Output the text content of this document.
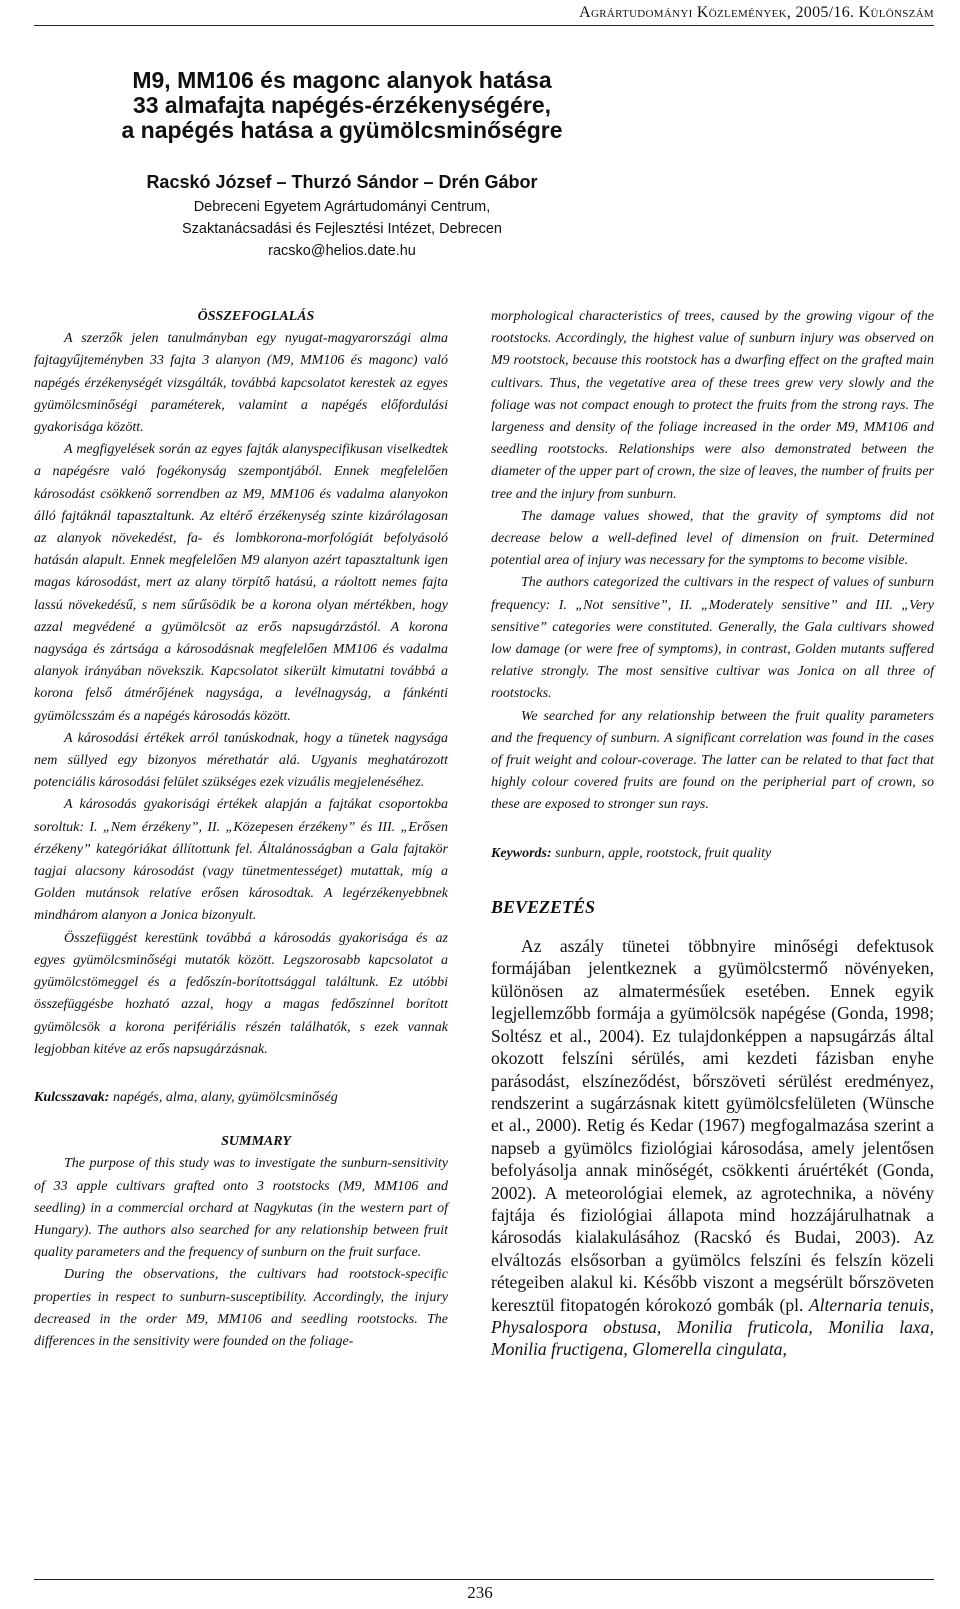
Agrártudományi Közlemények, 2005/16. Különszám
M9, MM106 és magonc alanyok hatása
33 almafajta napégés-érzékenységére,
a napégés hatása a gyümölcsminőségre

Racskó József – Thurzó Sándor – Drén Gábor

Debreceni Egyetem Agrártudományi Centrum,
Szaktanácsadási és Fejlesztési Intézet, Debrecen
racsko@helios.date.hu

ÖSSZEFOGLALÁS

A szerzők jelen tanulmányban egy nyugat-magyarországi alma fajtagyűjteményben 33 fajta 3 alanyon (M9, MM106 és magonc) való napégés érzékenységét vizsgálták, továbbá kapcsolatot kerestek az egyes gyümölcsminőségi paraméterek, valamint a napégés előfordulási gyakorisága között.

A megfigyelések során az egyes fajták alanyspecifikusan viselkedtek a napégésre való fogékonyság szempontjából. Ennek megfelelően károsodást csökkenő sorrendben az M9, MM106 és vadalma alanyokon álló fajtáknál tapasztaltunk. Az eltérő érzékenység szinte kizárólagosan az alanyok növekedést, fa- és lombkorona-morfológiát befolyásoló hatásán alapult. Ennek megfelelően M9 alanyon azért tapasztaltunk igen magas károsodást, mert az alany törpítő hatású, a ráoltott nemes fajta lassú növekedésű, s nem sűrűsödik be a korona olyan mértékben, hogy azzal megvédené a gyümölcsöt az erős napsugárzástól. A korona nagysága és zártsága a károsodásnak megfelelően MM106 és vadalma alanyok irányában növekszik. Kapcsolatot sikerült kimutatni továbbá a korona felső átmérőjének nagysága, a levélnagyság, a fánkénti gyümölcsszám és a napégés károsodás között.

A károsodási értékek arról tanúskodnak, hogy a tünetek nagysága nem süllyed egy bizonyos mérethatár alá. Ugyanis meghatározott potenciális károsodási felület szükséges ezek vizuális megjelenéséhez.

A károsodás gyakorisági értékek alapján a fajtákat csoportokba soroltuk: I. „Nem érzékeny”, II. „Közepesen érzékeny” és III. „Erősen érzékeny” kategóriákat állítottunk fel. Általánosságban a Gala fajtakör tagjai alacsony károsodást (vagy tünetmentességet) mutattak, míg a Golden mutánsok relatíve erősen károsodtak. A legérzékenyebbnek mindhárom alanyon a Jonica bizonyult.

Összefüggést kerestünk továbbá a károsodás gyakorisága és az egyes gyümölcsminőségi mutatók között. Legszorosabb kapcsolatot a gyümölcstömeggel és a fedőszín-borítottsággal találtunk. Ez utóbbi összefüggésbe hozható azzal, hogy a magas fedőszínnel borított gyümölcsök a korona perifériális részén találhatók, s ezek vannak legjobban kitéve az erős napsugárzásnak.

Kulcsszavak: napégés, alma, alany, gyümölcsminőség

SUMMARY

The purpose of this study was to investigate the sunburn-sensitivity of 33 apple cultivars grafted onto 3 rootstocks (M9, MM106 and seedling) in a commercial orchard at Nagykutas (in the western part of Hungary). The authors also searched for any relationship between fruit quality parameters and the frequency of sunburn on the fruit surface.

During the observations, the cultivars had rootstock-specific properties in respect to sunburn-susceptibility. Accordingly, the injury decreased in the order M9, MM106 and seedling rootstocks. The differences in the sensitivity were founded on the foliage-

morphological characteristics of trees, caused by the growing vigour of the rootstocks. Accordingly, the highest value of sunburn injury was observed on M9 rootstock, because this rootstock has a dwarfing effect on the grafted main cultivars. Thus, the vegetative area of these trees grew very slowly and the foliage was not compact enough to protect the fruits from the strong rays. The largeness and density of the foliage increased in the order M9, MM106 and seedling rootstocks. Relationships were also demonstrated between the diameter of the upper part of crown, the size of leaves, the number of fruits per tree and the injury from sunburn.

The damage values showed, that the gravity of symptoms did not decrease below a well-defined level of dimension on fruit. Determined potential area of injury was necessary for the symptoms to become visible.

The authors categorized the cultivars in the respect of values of sunburn frequency: I. „Not sensitive”, II. „Moderately sensitive” and III. „Very sensitive” categories were constituted. Generally, the Gala cultivars showed low damage (or were free of symptoms), in contrast, Golden mutants suffered relative strongly. The most sensitive cultivar was Jonica on all three of rootstocks.

We searched for any relationship between the fruit quality parameters and the frequency of sunburn. A significant correlation was found in the cases of fruit weight and colour-coverage. The latter can be related to that fact that highly colour covered fruits are found on the peripherial part of crown, so these are exposed to stronger sun rays.

Keywords: sunburn, apple, rootstock, fruit quality

BEVEZETÉS

Az aszály tünetei többnyire minőségi defektusok formájában jelentkeznek a gyümölcstermő növényeken, különösen az almatermésűek esetében. Ennek egyik legjellemzőbb formája a gyümölcsök napégése (Gonda, 1998; Soltész et al., 2004). Ez tulajdonképpen a napsugárzás által okozott felszíni sérülés, ami kezdeti fázisban enyhe parásodást, elszíneződést, bőrszöveti sérülést eredményez, rendszerint a sugárzásnak kitett gyümölcsfelületen (Wünsche et al., 2000). Retig és Kedar (1967) megfogalmazása szerint a napseb a gyümölcs fiziológiai károsodása, amely jelentősen befolyásolja annak minőségét, csökkenti áruértékét (Gonda, 2002). A meteorológiai elemek, az agrotechnika, a növény fajtája és fiziológiai állapota mind hozzájárulhatnak a károsodás kialakulásához (Racskó és Budai, 2003). Az elváltozás elsősorban a gyümölcs felszíni és felszín közeli rétegeiben alakul ki. Később viszont a megsérült bőrszöveten keresztül fitopatogén kórokozó gombák (pl. Alternaria tenuis, Physalospora obstusa, Monilia fruticola, Monilia laxa, Monilia fructigena, Glomerella cingulata,

236
